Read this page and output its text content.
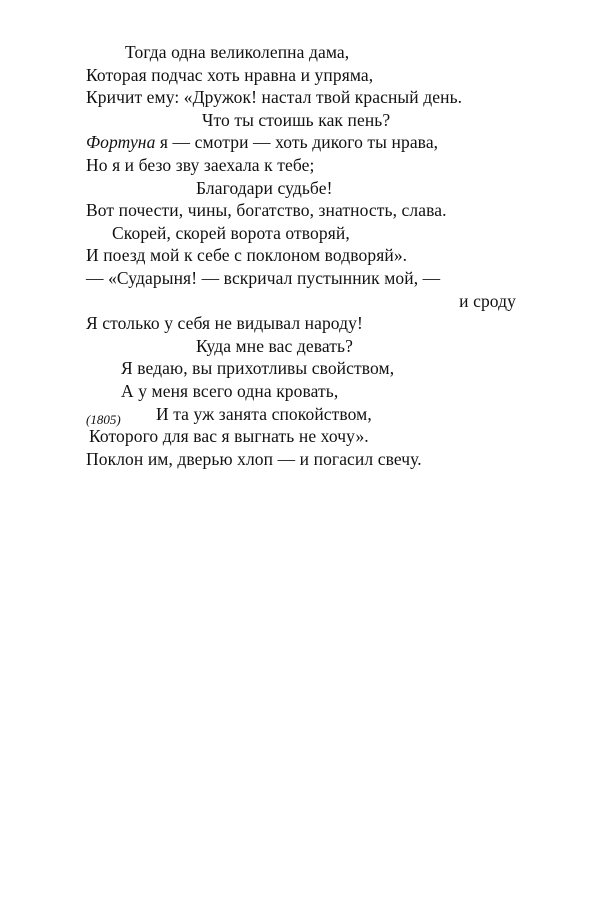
Тогда одна великолепна дама,
Которая подчас хоть нравна и упряма,
Кричит ему: «Дружок! настал твой красный день.
Что ты стоишь как пень?
Фортуна я — смотри — хоть дикого ты нрава,
Но я и безо зву заехала к тебе;
Благодари судьбе!
Вот почести, чины, богатство, знатность, слава.
Скорей, скорей ворота отворяй,
И поезд мой к себе с поклоном водворяй».
— «Сударыня! — вскричал пустынник мой, —
и сроду
Я столько у себя не видывал народу!
Куда мне вас девать?
Я ведаю, вы прихотливы свойством,
А у меня всего одна кровать,
И та уж занята спокойством,
Которого для вас я выгнать не хочу».
Поклон им, дверью хлоп — и погасил свечу.
(1805)
